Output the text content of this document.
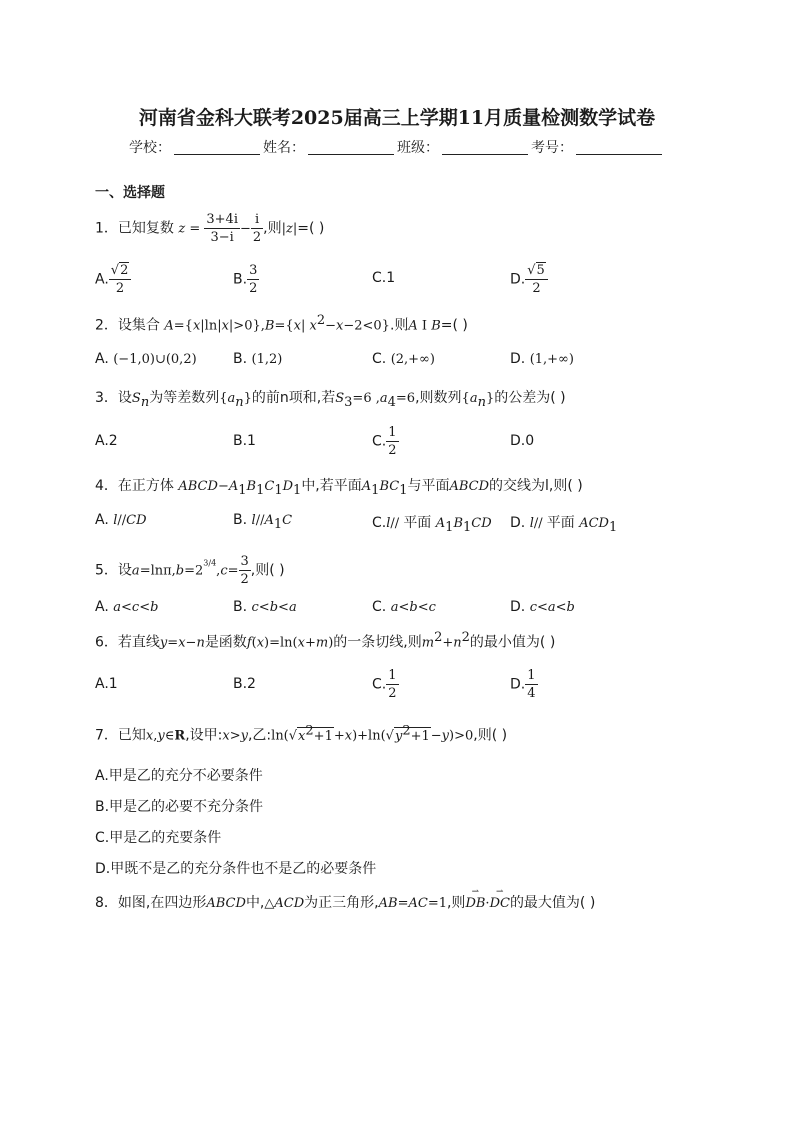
河南省金科大联考2025届高三上学期11月质量检测数学试卷
学校：	姓名：	班级：	考号：
一、选择题
1．已知复数 $z = \frac{3+4i}{3-i} - \frac{i}{2}$ ,则|z|=( )
A. $\frac{√2}{2}$	B. $\frac{3}{2}$	C.1	D. $\frac{√5}{2}$
2．设集合 A={x|ln|x|>0},B={x| $x^2-x-2<0$}.则A I B=( )
A. (−1,0)∪(0,2)	B. (1,2)	C. (2,+∞)	D. (1,+∞)
3．设$S_n$为等差数列$\{a_n\}$的前n项和,若$S_3=6$ $,a_4=6$,则数列$\{a_n\}$的公差为( )
A.2	B.1	C. $\frac{1}{2}$	D.0
4．在正方体 $ABCD-A_1B_1C_1D_1$中,若平面$A_1BC_1$与平面ABCD的交线为l,则( )
A. l//CD	B. $l//A_1C$	C.l// 平面 $A_1B_1CD$ D. l// 平面 $ACD_1$
5．设$a=\ln\pi,b=2^{3/4},c= \frac{3}{2}$ ,则( )
A. a<c<b	B. c<b<a	C. a<b<c	D. c<a<b
6．若直线y=x−n是函数f(x)=ln(x+m)的一条切线,则$m^2+n^2$的最小值为( )
A.1	B.2	C. $\frac{1}{2}$	D. $\frac{1}{4}$
7．已知x,y∈R,设甲:x>y,乙$:\ln(√x^2+1+x)+\ln(√y^2+1-y)>0$,则( )
A.甲是乙的充分不必要条件
B.甲是乙的必要不充分条件
C.甲是乙的充要条件
D.甲既不是乙的充分条件也不是乙的必要条件
8．如图,在四边形ABCD中,△ACD为正三角形,AB=AC=1,则
⇀
DB·
⇀
DC的最大值为( )
